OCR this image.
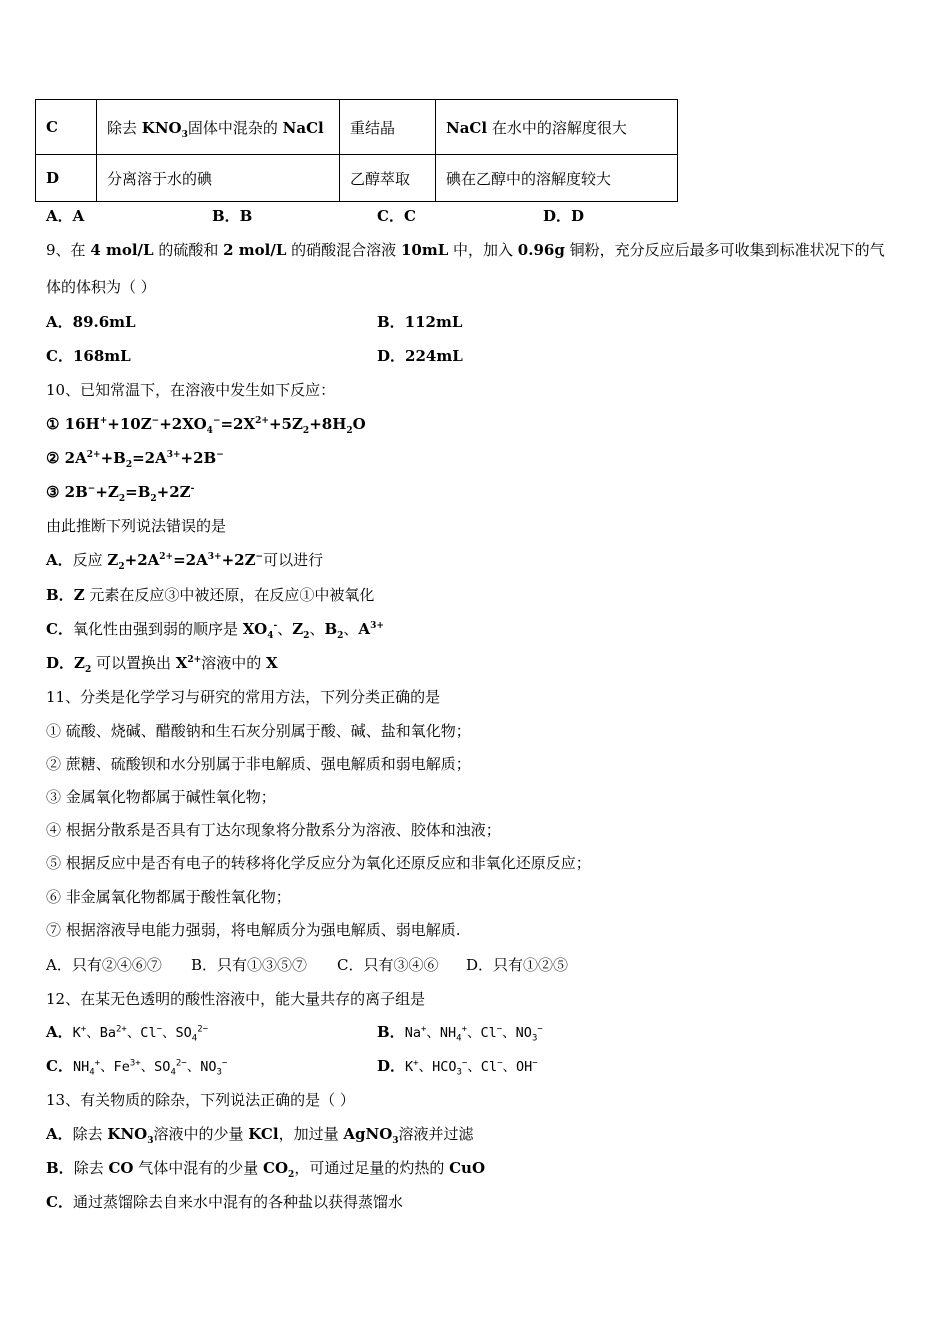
C	除去 $KNO_3$固体中混杂的 NaCl	重结晶	NaCl 在水中的溶解度很大
D	分离溶于水的碘	乙醇萃取	碘在乙醇中的溶解度较大
A．A	B．B	C．C	D．D
9、在 4 mol/L 的硫酸和 2 mol/L 的硝酸混合溶液 10mL 中，加入 0.96g 铜粉，充分反应后最多可收集到标准状况下的气
体的体积为（ ）
A．89.6mL	B．112mL
C．168mL	D．224mL
10、已知常温下，在溶液中发生如下反应：
① $16H^++10Z^-+2XO_4^-=2X^{2+}+5Z_2+8H_2O$
② $2A^{2+}+B_2=2A^{3+}+2B^-$
③ $2B^-+Z_2=B_2+2Z^-$
由此推断下列说法错误的是
A．反应 $Z_2+2A^{2+}=2A^{3+}+2Z^-$可以进行
B．Z 元素在反应③中被还原，在反应①中被氧化
C．氧化性由强到弱的顺序是 $XO_4^-$、$Z_2$、$B_2$、$A^{3+}$
D．$Z_2$ 可以置换出 $X^{2+}$溶液中的 X
11、分类是化学学习与研究的常用方法，下列分类正确的是
① 硫酸、烧碱、醋酸钠和生石灰分别属于酸、碱、盐和氧化物；
② 蔗糖、硫酸钡和水分别属于非电解质、强电解质和弱电解质；
③ 金属氧化物都属于碱性氧化物；
④ 根据分散系是否具有丁达尔现象将分散系分为溶液、胶体和浊液；
⑤ 根据反应中是否有电子的转移将化学反应分为氧化还原反应和非氧化还原反应；
⑥ 非金属氧化物都属于酸性氧化物；
⑦ 根据溶液导电能力强弱，将电解质分为强电解质、弱电解质.
A．只有②④⑥⑦ B．只有①③⑤⑦ C．只有③④⑥ D．只有①②⑤
12、在某无色透明的酸性溶液中，能大量共存的离子组是
A．K+、$Ba^{2+}$、Cl−、$SO_4^{2-}$	B．Na+、$NH_4^+$、Cl−、$NO_3^-$
C．$NH_4^+$、$Fe^{3+}$、$SO_4^{2-}$、$NO_3^-$	D．K+、$HCO_3^-$、Cl−、OH−
13、有关物质的除杂，下列说法正确的是（ ）
A．除去 $KNO_3$溶液中的少量 KCl，加过量 AgNO$_3$溶液并过滤
B．除去 CO 气体中混有的少量 $CO_2$，可通过足量的灼热的 CuO
C．通过蒸馏除去自来水中混有的各种盐以获得蒸馏水
